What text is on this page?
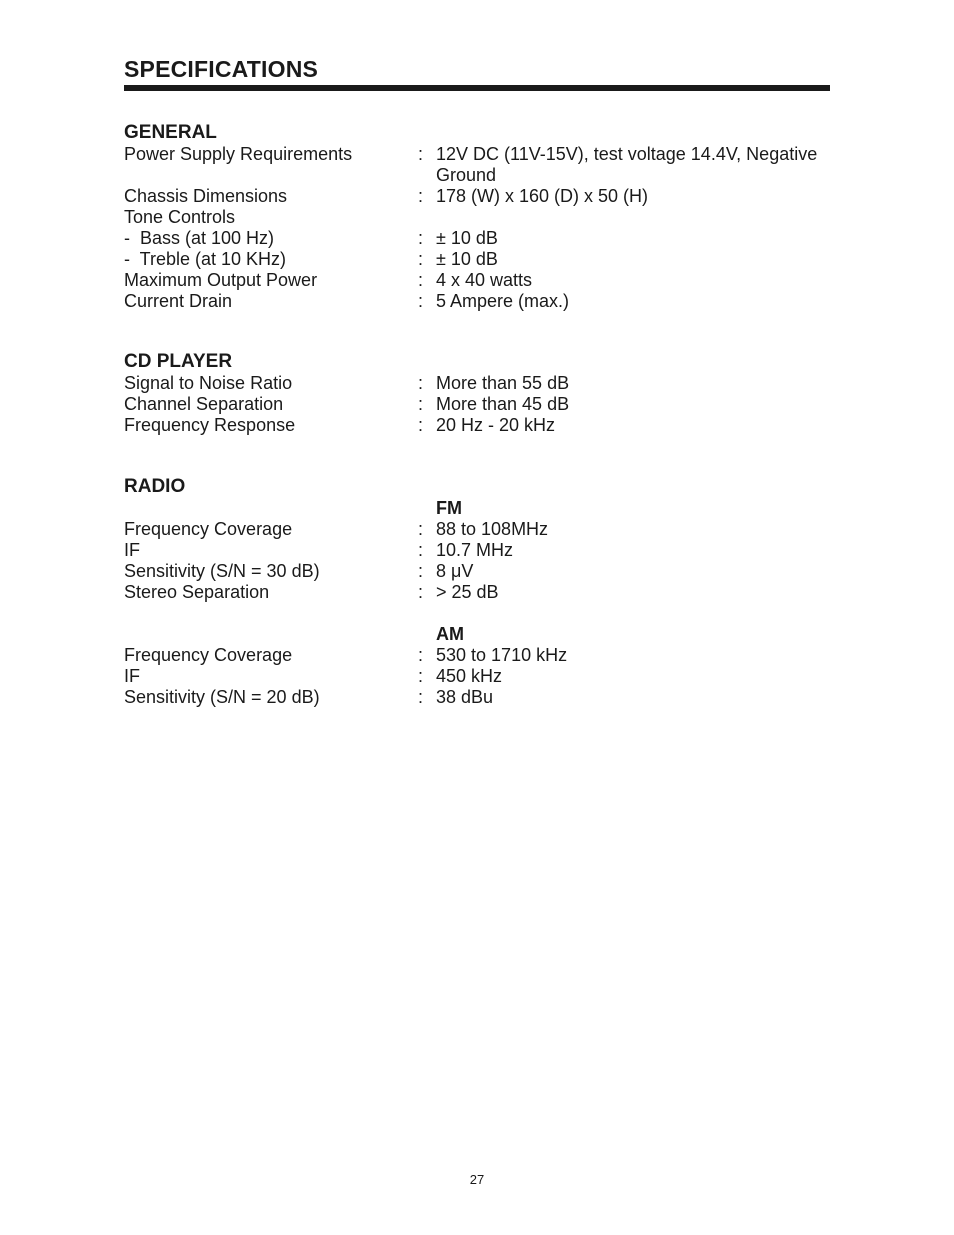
SPECIFICATIONS
GENERAL
Power Supply Requirements	: 12V DC (11V-15V), test voltage 14.4V, Negative Ground
Chassis Dimensions	: 178 (W) x 160 (D) x 50 (H)
Tone Controls
-  Bass (at 100 Hz)	: ± 10 dB
-  Treble (at 10 KHz)	: ± 10 dB
Maximum Output Power	: 4 x 40 watts
Current Drain	: 5 Ampere (max.)
CD PLAYER
Signal to Noise Ratio	: More than 55 dB
Channel Separation	: More than 45 dB
Frequency Response	: 20 Hz - 20 kHz
RADIO
FM
Frequency Coverage	: 88 to 108MHz
IF	: 10.7 MHz
Sensitivity (S/N = 30 dB)	: 8 μV
Stereo Separation	: > 25 dB
AM
Frequency Coverage	: 530 to 1710 kHz
IF	: 450 kHz
Sensitivity (S/N = 20 dB)	: 38 dBu
27
